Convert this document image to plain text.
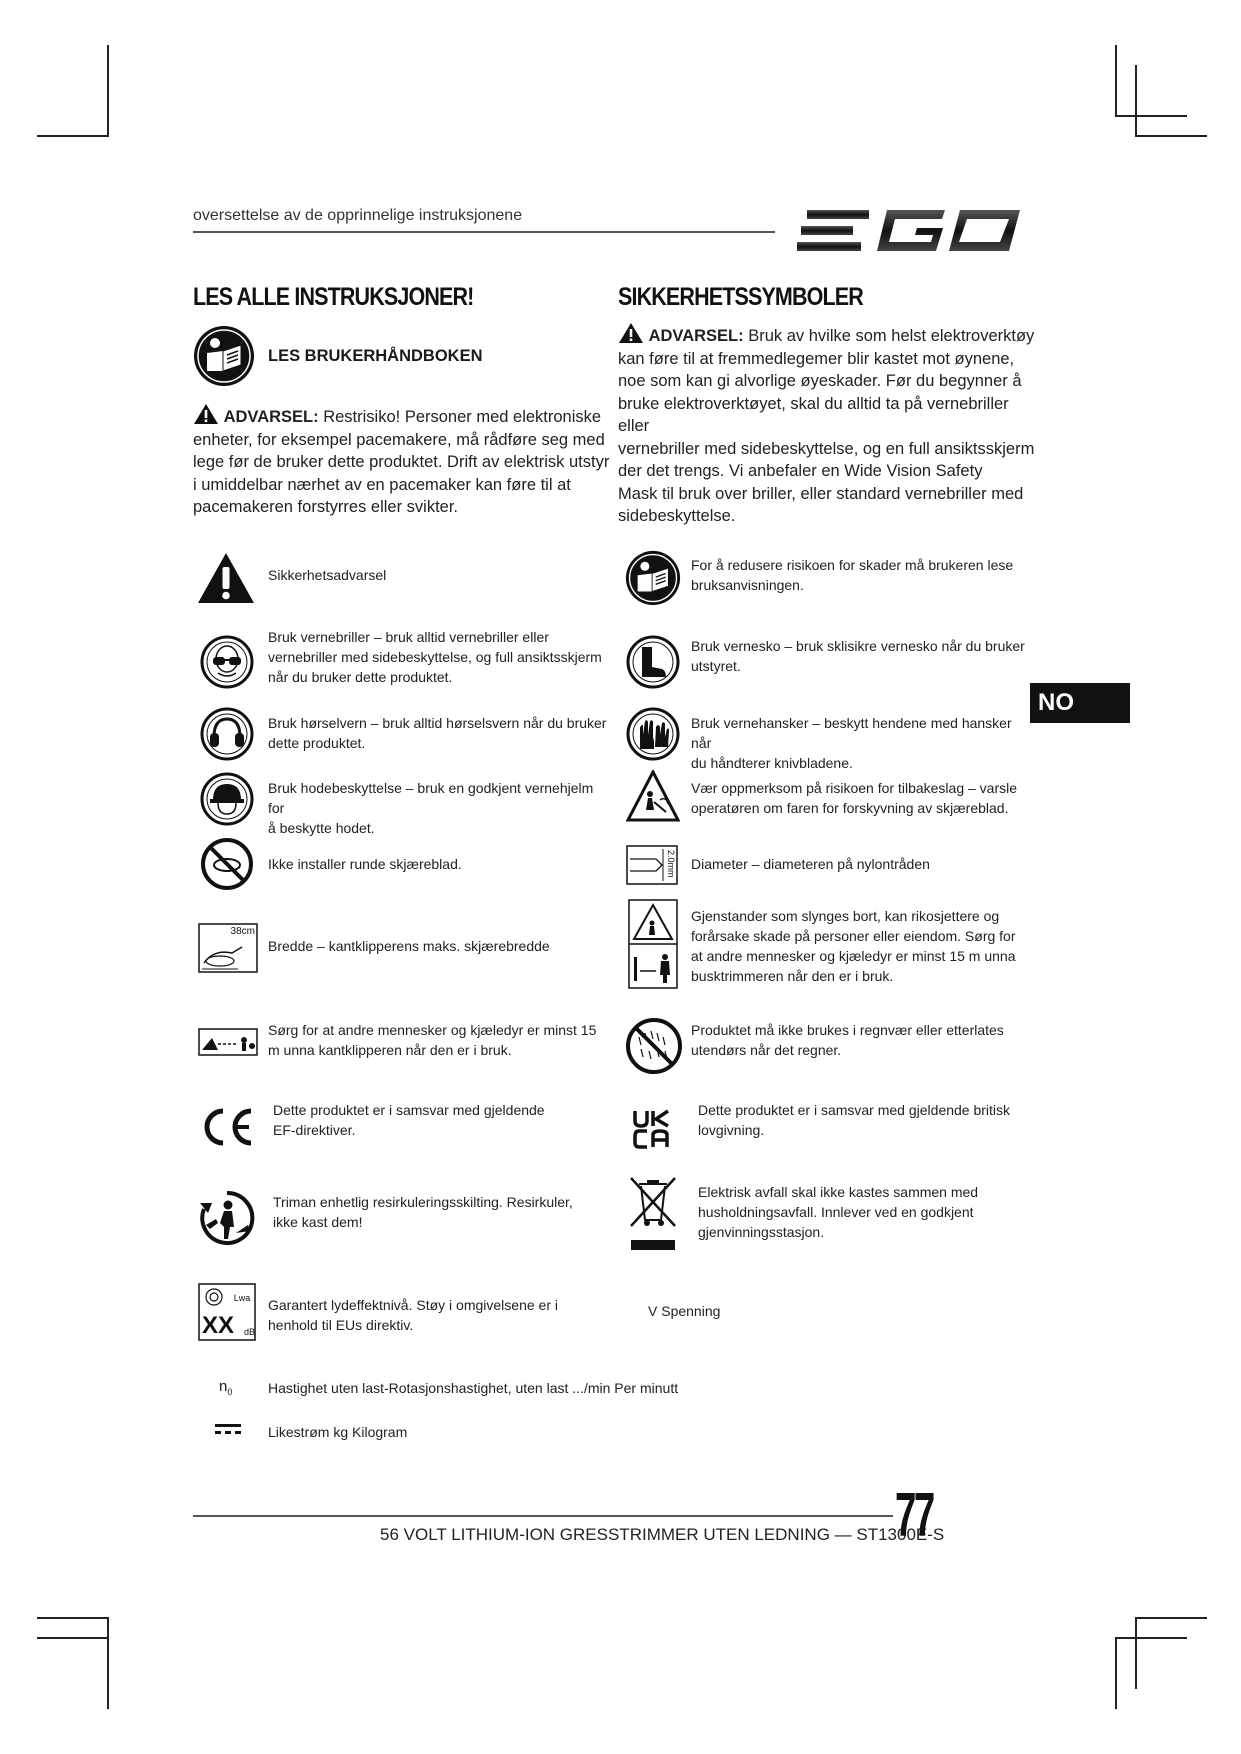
oversettelse av de opprinnelige instruksjonene
LES ALLE INSTRUKSJONER!
LES BRUKERHÅNDBOKEN
ADVARSEL: Restrisiko! Personer med elektroniske
enheter, for eksempel pacemakere, må rådføre seg med
lege før de bruker dette produktet. Drift av elektrisk utstyr
i umiddelbar nærhet av en pacemaker kan føre til at
pacemakeren forstyrres eller svikter.
SIKKERHETSSYMBOLER
ADVARSEL: Bruk av hvilke som helst elektroverktøy
kan føre til at fremmedlegemer blir kastet mot øynene,
noe som kan gi alvorlige øyeskader. Før du begynner å
bruke elektroverktøyet, skal du alltid ta på vernebriller eller
vernebriller med sidebeskyttelse, og en full ansiktsskjerm
der det trengs. Vi anbefaler en Wide Vision Safety
Mask til bruk over briller, eller standard vernebriller med
sidebeskyttelse.
NO
Sikkerhetsadvarsel
Bruk vernebriller – bruk alltid vernebriller eller
vernebriller med sidebeskyttelse, og full ansiktsskjerm
når du bruker dette produktet.
Bruk hørselvern – bruk alltid hørselsvern når du bruker
dette produktet.
Bruk hodebeskyttelse – bruk en godkjent vernehjelm for
å beskytte hodet.
Ikke installer runde skjæreblad.
38cm
Bredde – kantklipperens maks. skjærebredde
Sørg for at andre mennesker og kjæledyr er minst 15
m unna kantklipperen når den er i bruk.
Dette produktet er i samsvar med gjeldende
EF-direktiver.
Triman enhetlig resirkuleringsskilting. Resirkuler,
ikke kast dem!
Lwa
XX dB
Garantert lydeffektnivå. Støy i omgivelsene er i
henhold til EUs direktiv.
For å redusere risikoen for skader må brukeren lese
bruksanvisningen.
Bruk vernesko – bruk sklisikre vernesko når du bruker
utstyret.
Bruk vernehansker – beskytt hendene med hansker når
du håndterer knivbladene.
Vær oppmerksom på risikoen for tilbakeslag – varsle
operatøren om faren for forskyvning av skjæreblad.
2.0mm Diameter – diameteren på nylontråden
Gjenstander som slynges bort, kan rikosjettere og
forårsake skade på personer eller eiendom. Sørg for
at andre mennesker og kjæledyr er minst 15 m unna
busktrimmeren når den er i bruk.
Produktet må ikke brukes i regnvær eller etterlates
utendørs når det regner.
Dette produktet er i samsvar med gjeldende britisk
lovgivning.
Elektrisk avfall skal ikke kastes sammen med
husholdningsavfall. Innlever ved en godkjent
gjenvinningsstasjon.
V Spenning
$n_0$	Hastighet uten last-Rotasjonshastighet, uten last .../min Per minutt
Likestrøm kg Kilogram
56 VOLT LITHIUM-ION GRESSTRIMMER UTEN LEDNING — ST1300E-S
77
